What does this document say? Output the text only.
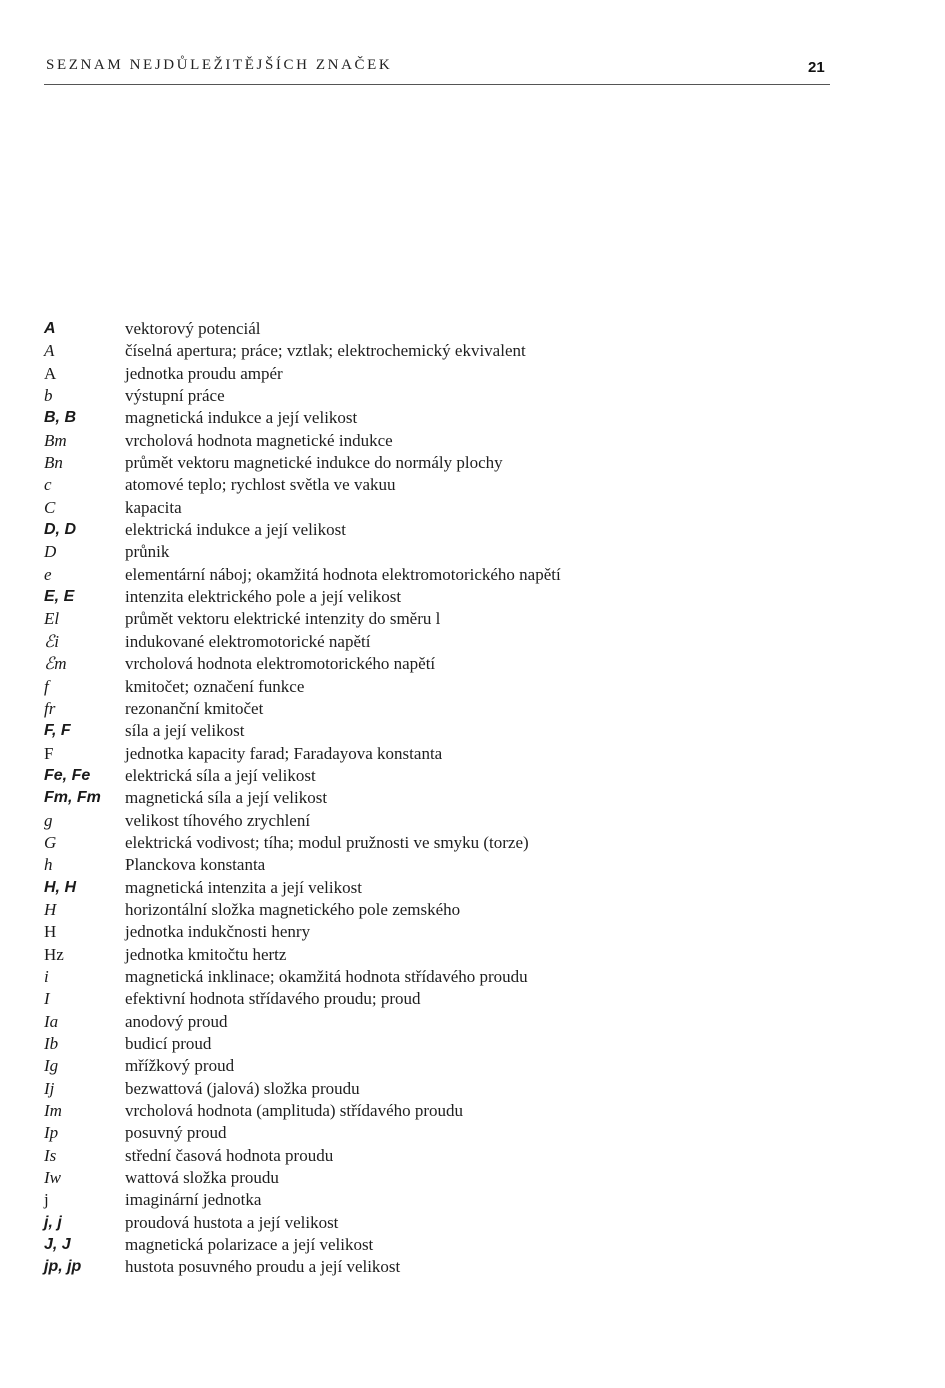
SEZNAM NEJDŮLEŽITĚJŠÍCH ZNAČEK	21
A	vektorový potenciál
A	číselná apertura; práce; vztlak; elektrochemický ekvivalent
A	jednotka proudu ampér
b	výstupní práce
B, B	magnetická indukce a její velikost
Bm	vrcholová hodnota magnetické indukce
Bn	průmět vektoru magnetické indukce do normály plochy
c	atomové teplo; rychlost světla ve vakuu
C	kapacita
D, D	elektrická indukce a její velikost
D	průnik
e	elementární náboj; okamžitá hodnota elektromotorického napětí
E, E	intenzita elektrického pole a její velikost
El	průmět vektoru elektrické intenzity do směru l
ℰi	indukované elektromotorické napětí
ℰm	vrcholová hodnota elektromotorického napětí
f	kmitočet; označení funkce
fr	rezonanční kmitočet
F, F	síla a její velikost
F	jednotka kapacity farad; Faradayova konstanta
Fe, Fe	elektrická síla a její velikost
Fm, Fm	magnetická síla a její velikost
g	velikost tíhového zrychlení
G	elektrická vodivost; tíha; modul pružnosti ve smyku (torze)
h	Planckova konstanta
H, H	magnetická intenzita a její velikost
H	horizontální složka magnetického pole zemského
H	jednotka indukčnosti henry
Hz	jednotka kmitočtu hertz
i	magnetická inklinace; okamžitá hodnota střídavého proudu
I	efektivní hodnota střídavého proudu; proud
Ia	anodový proud
Ib	budicí proud
Ig	mřížkový proud
Ij	bezwattová (jalová) složka proudu
Im	vrcholová hodnota (amplituda) střídavého proudu
Ip	posuvný proud
Is	střední časová hodnota proudu
Iw	wattová složka proudu
j	imaginární jednotka
j, j	proudová hustota a její velikost
J, J	magnetická polarizace a její velikost
jp, jp	hustota posuvného proudu a její velikost
